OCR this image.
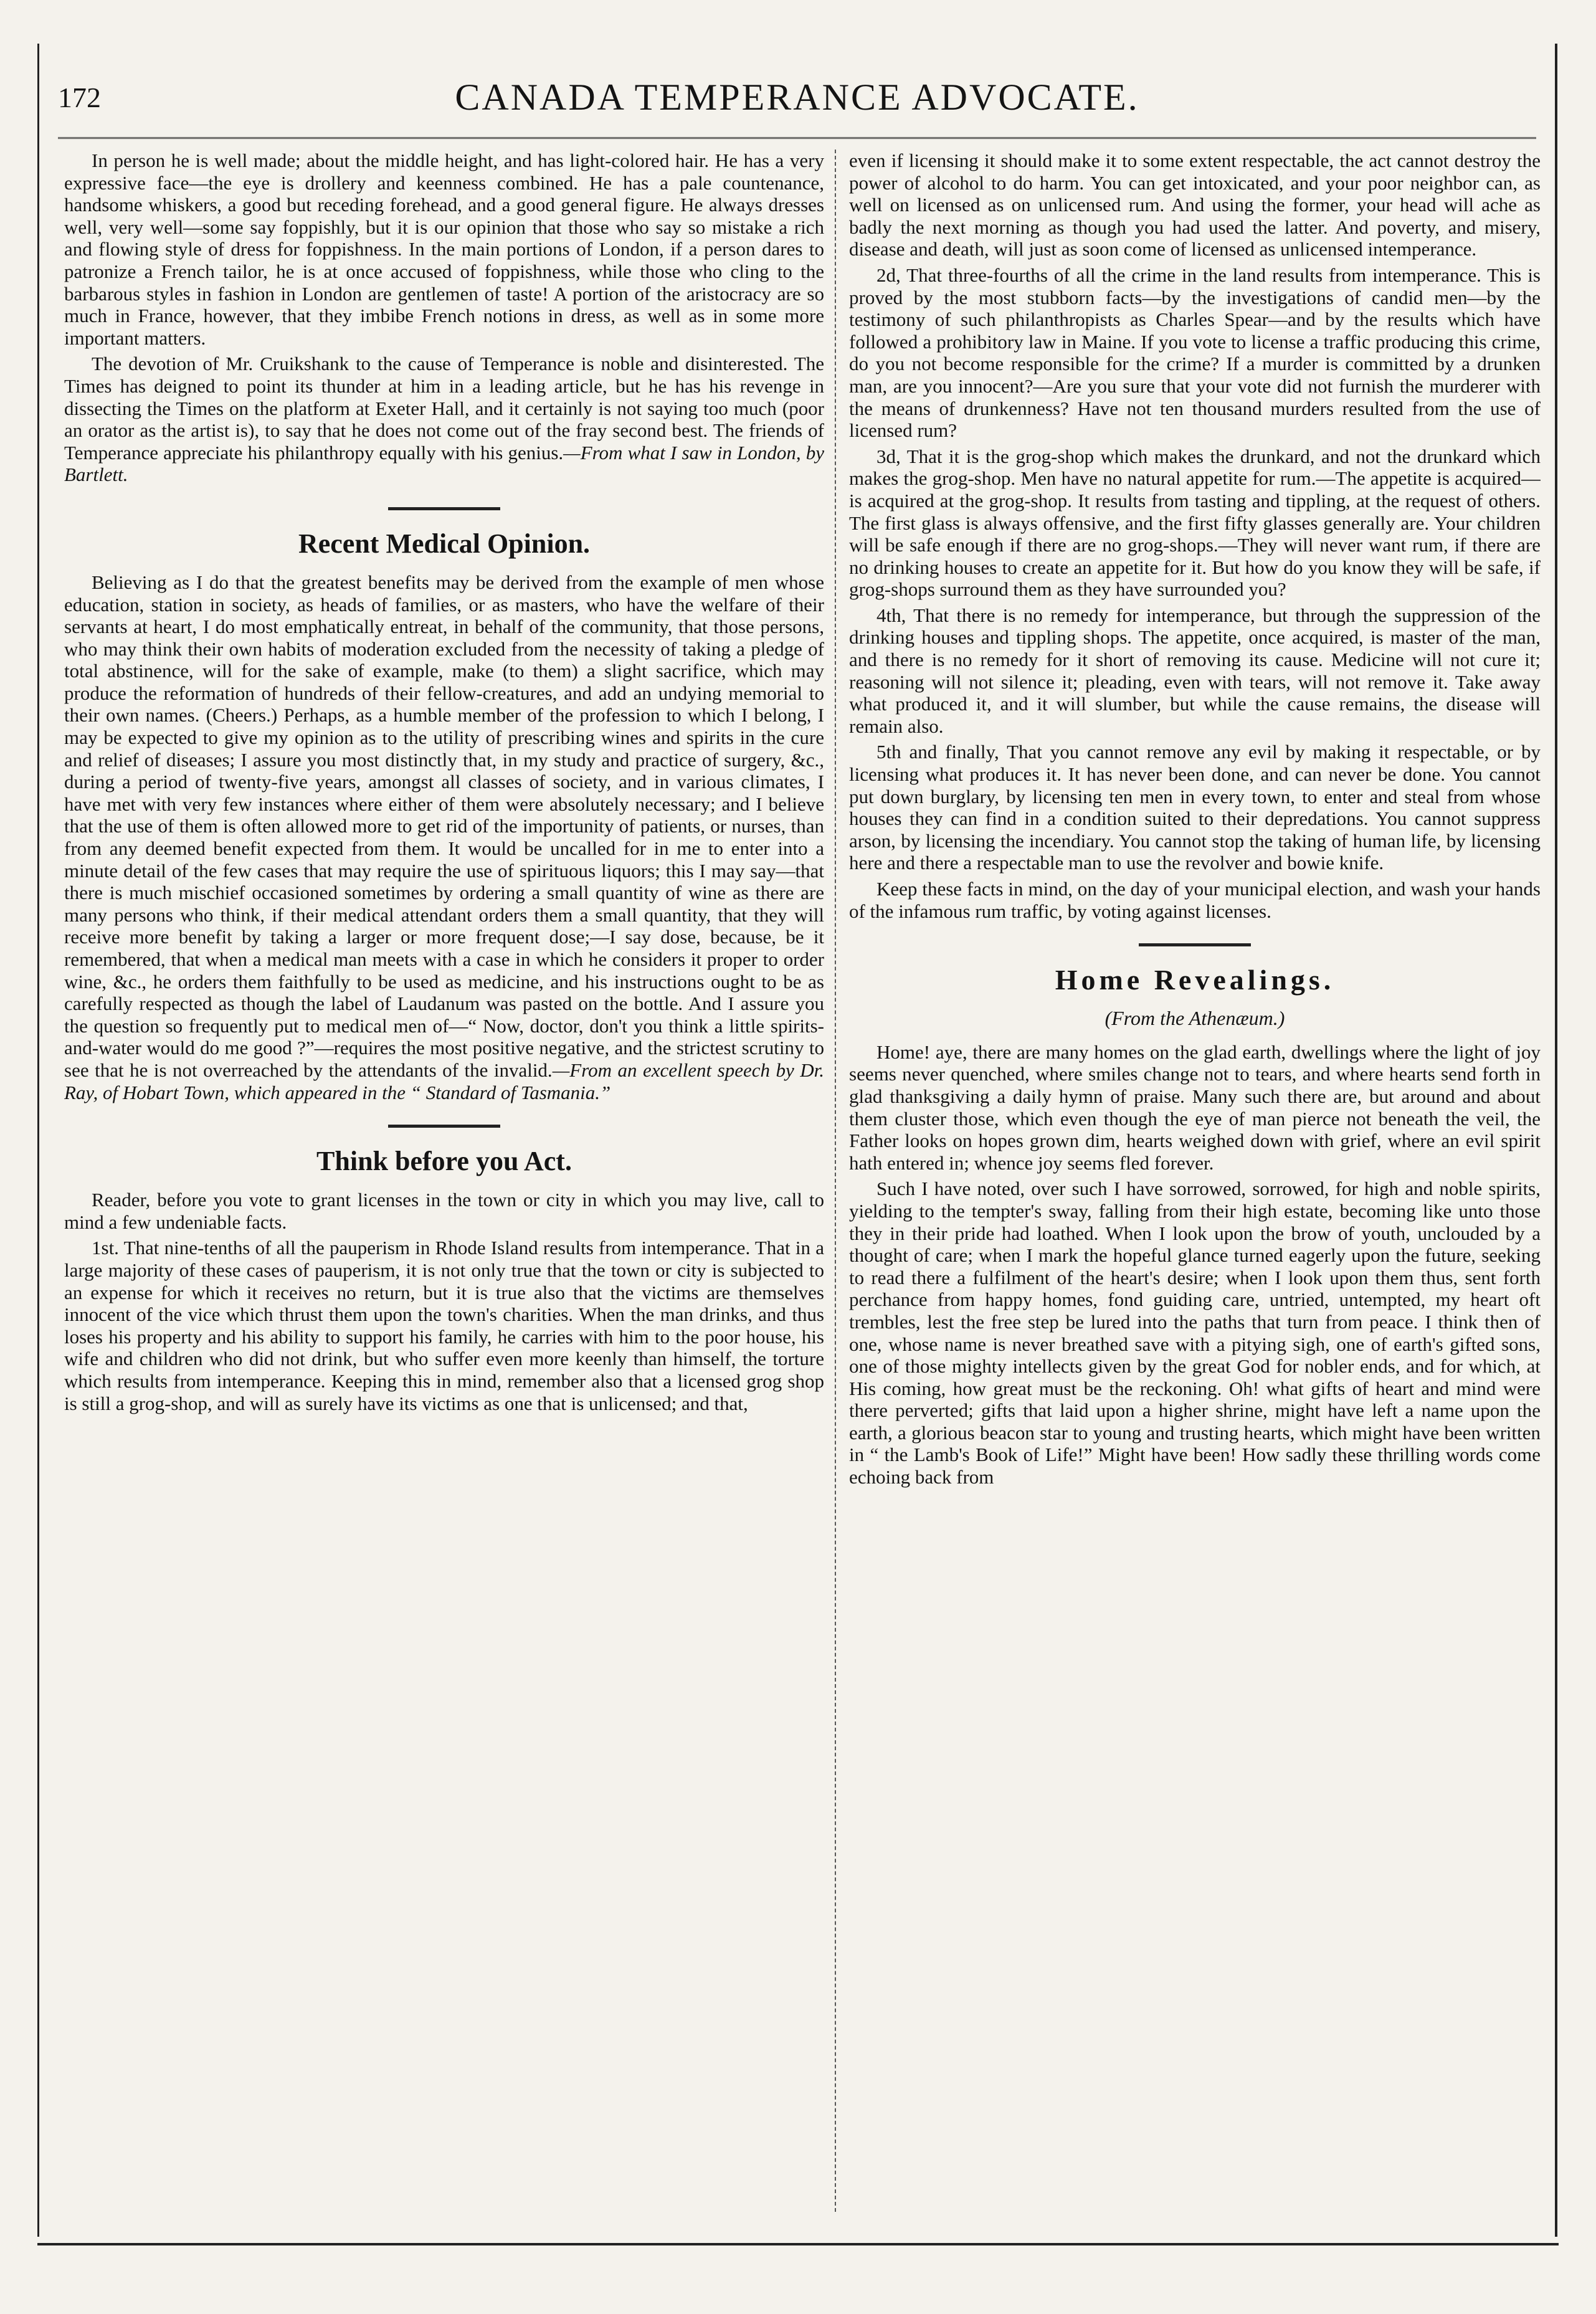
172	CANADA TEMPERANCE ADVOCATE.

In person he is well made; about the middle height, and has light-colored hair. He has a very expressive face—the eye is drollery and keenness combined. He has a pale countenance, handsome whiskers, a good but receding forehead, and a good general figure. He always dresses well, very well—some say foppishly, but it is our opinion that those who say so mistake a rich and flowing style of dress for foppishness. In the main portions of London, if a person dares to patronize a French tailor, he is at once accused of foppishness, while those who cling to the barbarous styles in fashion in London are gentlemen of taste! A portion of the aristocracy are so much in France, however, that they imbibe French notions in dress, as well as in some more important matters.

The devotion of Mr. Cruikshank to the cause of Temperance is noble and disinterested. The Times has deigned to point its thunder at him in a leading article, but he has his revenge in dissecting the Times on the platform at Exeter Hall, and it certainly is not saying too much (poor an orator as the artist is), to say that he does not come out of the fray second best. The friends of Temperance appreciate his philanthropy equally with his genius.—From what I saw in London, by Bartlett.

Recent Medical Opinion.

Believing as I do that the greatest benefits may be derived from the example of men whose education, station in society, as heads of families, or as masters, who have the welfare of their servants at heart, I do most emphatically entreat, in behalf of the community, that those persons, who may think their own habits of moderation excluded from the necessity of taking a pledge of total abstinence, will for the sake of example, make (to them) a slight sacrifice, which may produce the reformation of hundreds of their fellow-creatures, and add an undying memorial to their own names. (Cheers.) Perhaps, as a humble member of the profession to which I belong, I may be expected to give my opinion as to the utility of prescribing wines and spirits in the cure and relief of diseases; I assure you most distinctly that, in my study and practice of surgery, &c., during a period of twenty-five years, amongst all classes of society, and in various climates, I have met with very few instances where either of them were absolutely necessary; and I believe that the use of them is often allowed more to get rid of the importunity of patients, or nurses, than from any deemed benefit expected from them. It would be uncalled for in me to enter into a minute detail of the few cases that may require the use of spirituous liquors; this I may say—that there is much mischief occasioned sometimes by ordering a small quantity of wine as there are many persons who think, if their medical attendant orders them a small quantity, that they will receive more benefit by taking a larger or more frequent dose;—I say dose, because, be it remembered, that when a medical man meets with a case in which he considers it proper to order wine, &c., he orders them faithfully to be used as medicine, and his instructions ought to be as carefully respected as though the label of Laudanum was pasted on the bottle. And I assure you the question so frequently put to medical men of—“ Now, doctor, don't you think a little spirits-and-water would do me good ?”—requires the most positive negative, and the strictest scrutiny to see that he is not overreached by the attendants of the invalid.—From an excellent speech by Dr. Ray, of Hobart Town, which appeared in the “ Standard of Tasmania.”

Think before you Act.

Reader, before you vote to grant licenses in the town or city in which you may live, call to mind a few undeniable facts.

1st. That nine-tenths of all the pauperism in Rhode Island results from intemperance. That in a large majority of these cases of pauperism, it is not only true that the town or city is subjected to an expense for which it receives no return, but it is true also that the victims are themselves innocent of the vice which thrust them upon the town's charities. When the man drinks, and thus loses his property and his ability to support his family, he carries with him to the poor house, his wife and children who did not drink, but who suffer even more keenly than himself, the torture which results from intemperance. Keeping this in mind, remember also that a licensed grog shop is still a grog-shop, and will as surely have its victims as one that is unlicensed; and that,

even if licensing it should make it to some extent respectable, the act cannot destroy the power of alcohol to do harm. You can get intoxicated, and your poor neighbor can, as well on licensed as on unlicensed rum. And using the former, your head will ache as badly the next morning as though you had used the latter. And poverty, and misery, disease and death, will just as soon come of licensed as unlicensed intemperance.

2d, That three-fourths of all the crime in the land results from intemperance. This is proved by the most stubborn facts—by the investigations of candid men—by the testimony of such philanthropists as Charles Spear—and by the results which have followed a prohibitory law in Maine. If you vote to license a traffic producing this crime, do you not become responsible for the crime? If a murder is committed by a drunken man, are you innocent?—Are you sure that your vote did not furnish the murderer with the means of drunkenness? Have not ten thousand murders resulted from the use of licensed rum?

3d, That it is the grog-shop which makes the drunkard, and not the drunkard which makes the grog-shop. Men have no natural appetite for rum.—The appetite is acquired—is acquired at the grog-shop. It results from tasting and tippling, at the request of others. The first glass is always offensive, and the first fifty glasses generally are. Your children will be safe enough if there are no grog-shops.—They will never want rum, if there are no drinking houses to create an appetite for it. But how do you know they will be safe, if grog-shops surround them as they have surrounded you?

4th, That there is no remedy for intemperance, but through the suppression of the drinking houses and tippling shops. The appetite, once acquired, is master of the man, and there is no remedy for it short of removing its cause. Medicine will not cure it; reasoning will not silence it; pleading, even with tears, will not remove it. Take away what produced it, and it will slumber, but while the cause remains, the disease will remain also.

5th and finally, That you cannot remove any evil by making it respectable, or by licensing what produces it. It has never been done, and can never be done. You cannot put down burglary, by licensing ten men in every town, to enter and steal from whose houses they can find in a condition suited to their depredations. You cannot suppress arson, by licensing the incendiary. You cannot stop the taking of human life, by licensing here and there a respectable man to use the revolver and bowie knife.

Keep these facts in mind, on the day of your municipal election, and wash your hands of the infamous rum traffic, by voting against licenses.

Home Revealings.
(From the Athenæum.)

Home! aye, there are many homes on the glad earth, dwellings where the light of joy seems never quenched, where smiles change not to tears, and where hearts send forth in glad thanksgiving a daily hymn of praise. Many such there are, but around and about them cluster those, which even though the eye of man pierce not beneath the veil, the Father looks on hopes grown dim, hearts weighed down with grief, where an evil spirit hath entered in; whence joy seems fled forever.

Such I have noted, over such I have sorrowed, sorrowed, for high and noble spirits, yielding to the tempter's sway, falling from their high estate, becoming like unto those they in their pride had loathed. When I look upon the brow of youth, unclouded by a thought of care; when I mark the hopeful glance turned eagerly upon the future, seeking to read there a fulfilment of the heart's desire; when I look upon them thus, sent forth perchance from happy homes, fond guiding care, untried, untempted, my heart oft trembles, lest the free step be lured into the paths that turn from peace. I think then of one, whose name is never breathed save with a pitying sigh, one of earth's gifted sons, one of those mighty intellects given by the great God for nobler ends, and for which, at His coming, how great must be the reckoning. Oh! what gifts of heart and mind were there perverted; gifts that laid upon a higher shrine, might have left a name upon the earth, a glorious beacon star to young and trusting hearts, which might have been written in “ the Lamb's Book of Life!” Might have been! How sadly these thrilling words come echoing back from
